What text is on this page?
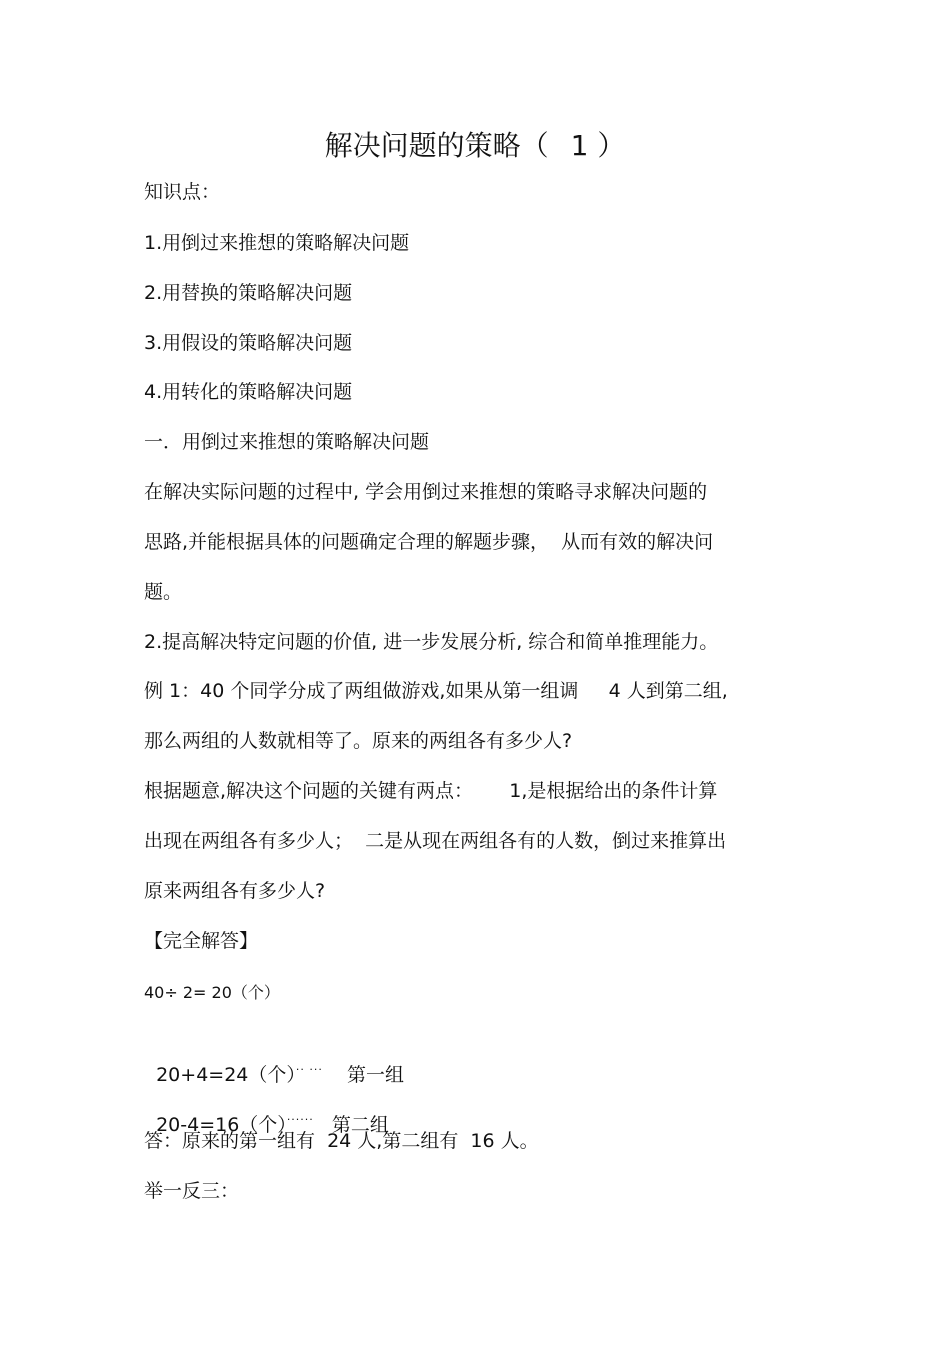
解决问题的策略（ 1 ）
知识点：
1.用倒过来推想的策略解决问题
2.用替换的策略解决问题
3.用假设的策略解决问题
4.用转化的策略解决问题
一．用倒过来推想的策略解决问题
在解决实际问题的过程中, 学会用倒过来推想的策略寻求解决问题的
思路,并能根据具体的问题确定合理的解题步骤，  从而有效的解决问
题。
2.提高解决特定问题的价值, 进一步发展分析, 综合和简单推理能力。
例 1：40 个同学分成了两组做游戏,如果从第一组调     4 人到第二组,
那么两组的人数就相等了。原来的两组各有多少人?
根据题意,解决这个问题的关键有两点：      1,是根据给出的条件计算
出现在两组各有多少人；  二是从现在两组各有的人数，倒过来推算出
原来两组各有多少人?
【完全解答】
40÷ 2= 20（个）

20+4=24（个）·· ··· 第一组

20-4=16（个）······ 第二组

答：原来的第一组有  24 人,第二组有  16 人。
举一反三：
